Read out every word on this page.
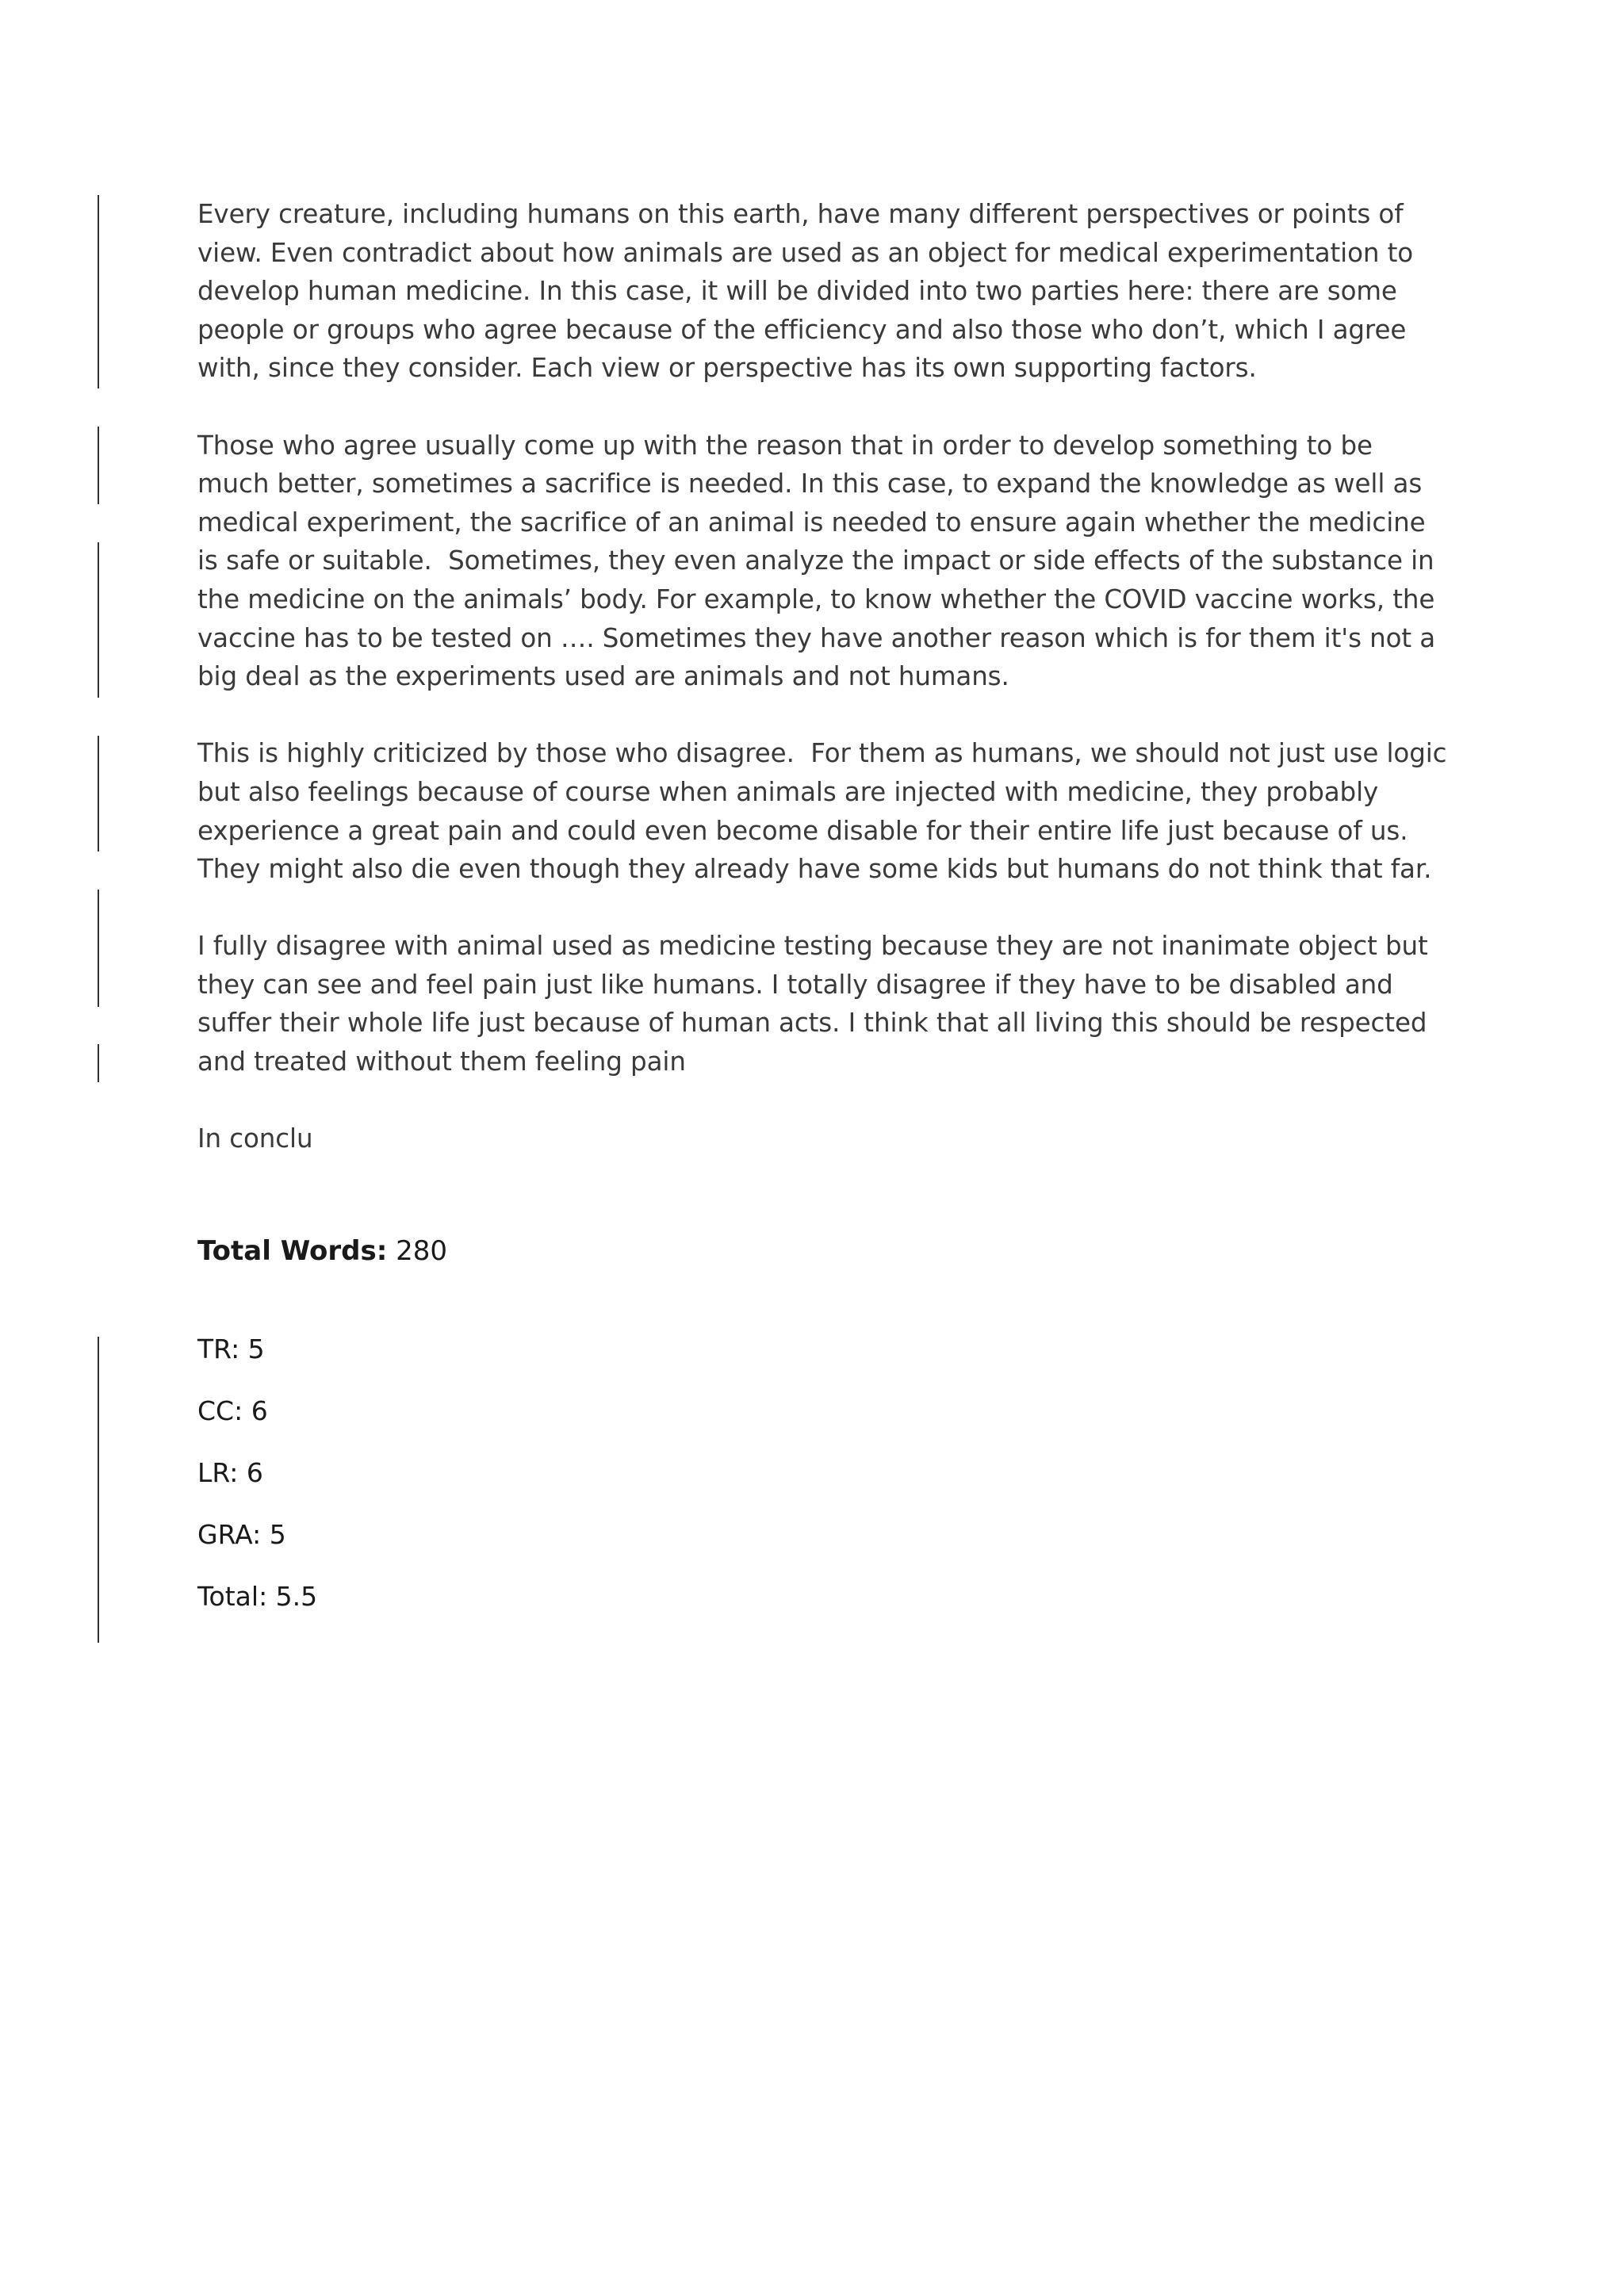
Every creature, including humans on this earth, have many different perspectives or points of view. Even contradict about how animals are used as an object for medical experimentation to develop human medicine. In this case, it will be divided into two parties here: there are some people or groups who agree because of the efficiency and also those who don’t, which I agree with, since they consider. Each view or perspective has its own supporting factors.

Those who agree usually come up with the reason that in order to develop something to be much better, sometimes a sacrifice is needed. In this case, to expand the knowledge as well as medical experiment, the sacrifice of an animal is needed to ensure again whether the medicine is safe or suitable.  Sometimes, they even analyze the impact or side effects of the substance in the medicine on the animals’ body. For example, to know whether the COVID vaccine works, the vaccine has to be tested on …. Sometimes they have another reason which is for them it's not a big deal as the experiments used are animals and not humans.

This is highly criticized by those who disagree.  For them as humans, we should not just use logic but also feelings because of course when animals are injected with medicine, they probably experience a great pain and could even become disable for their entire life just because of us. They might also die even though they already have some kids but humans do not think that far.

I fully disagree with animal used as medicine testing because they are not inanimate object but they can see and feel pain just like humans. I totally disagree if they have to be disabled and suffer their whole life just because of human acts. I think that all living this should be respected and treated without them feeling pain

In conclu

Total Words: 280
TR: 5
CC: 6
LR: 6
GRA: 5
Total: 5.5
